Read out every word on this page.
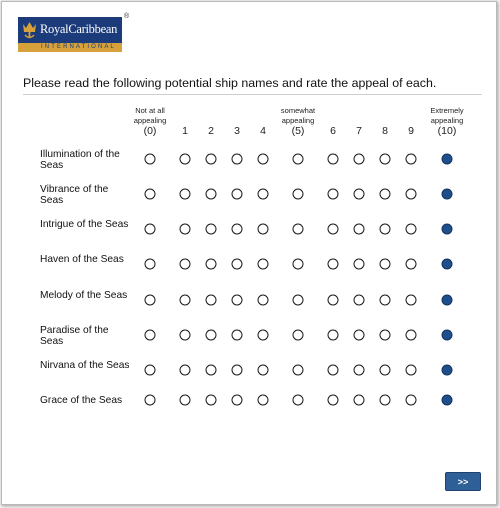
RoyalCaribbean
INTERNATIONAL
®
Please read the following potential ship names and rate the appeal of each.
Not at all
appealing
somewhat
appealing
Extremely
appealing
(0) 1 2 3 4 (5) 6 7 8 9 (10)
Illumination of the Seas
Vibrance of the Seas
Intrigue of the Seas
Haven of the Seas
Melody of the Seas
Paradise of the Seas
Nirvana of the Seas
Grace of the Seas
>>
